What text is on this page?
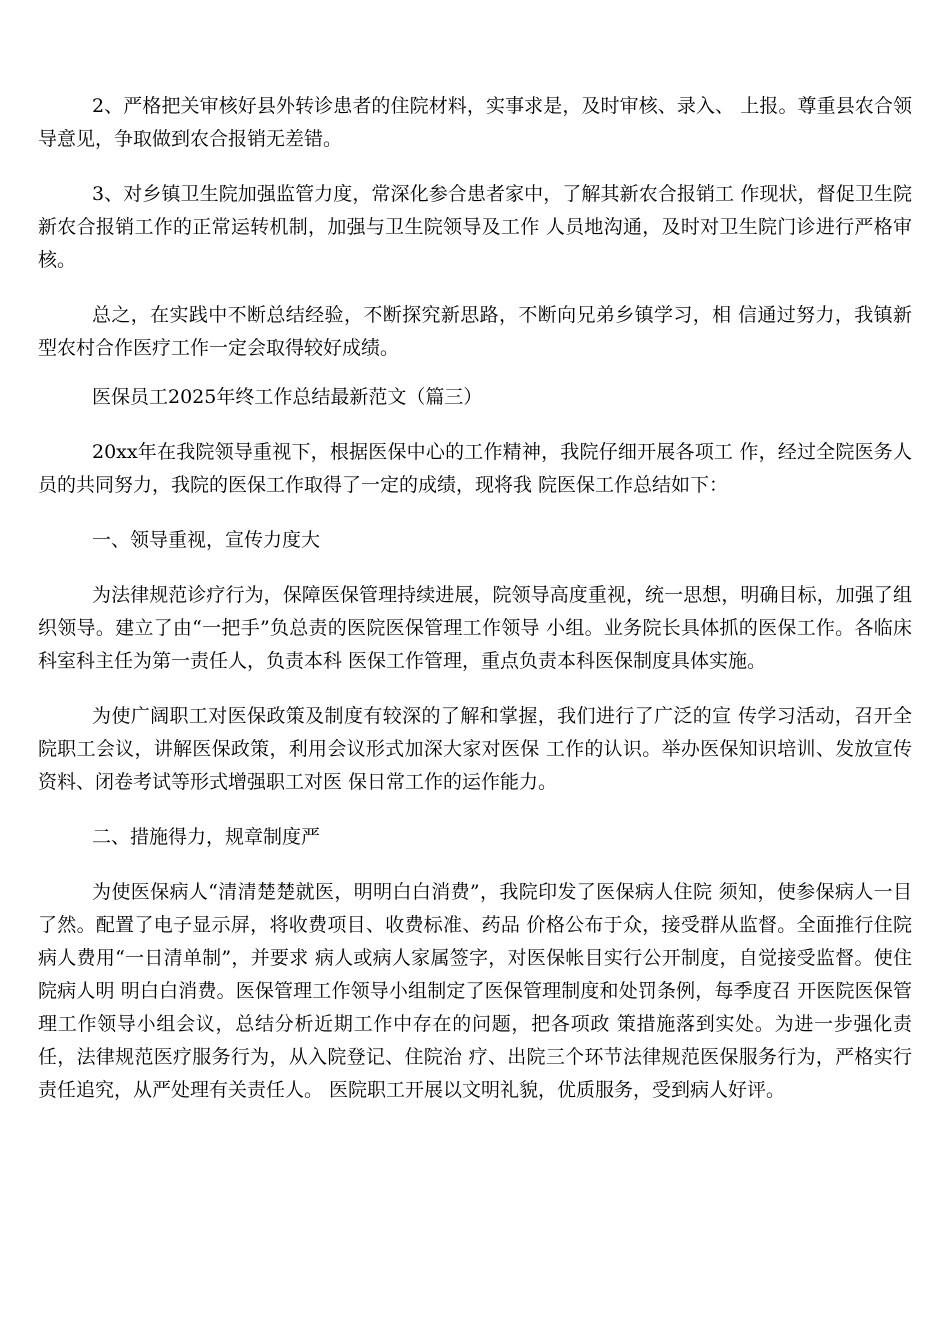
2、严格把关审核好县外转诊患者的住院材料，实事求是，及时审核、录入、 上报。尊重县农合领导意见，争取做到农合报销无差错。

3、对乡镇卫生院加强监管力度，常深化参合患者家中，了解其新农合报销工 作现状，督促卫生院新农合报销工作的正常运转机制，加强与卫生院领导及工作 人员地沟通，及时对卫生院门诊进行严格审核。

总之，在实践中不断总结经验，不断探究新思路，不断向兄弟乡镇学习，相 信通过努力，我镇新型农村合作医疗工作一定会取得较好成绩。

医保员工2025年终工作总结最新范文（篇三）

20xx年在我院领导重视下，根据医保中心的工作精神，我院仔细开展各项工 作，经过全院医务人员的共同努力，我院的医保工作取得了一定的成绩，现将我 院医保工作总结如下：

一、领导重视，宣传力度大

为法律规范诊疗行为，保障医保管理持续进展，院领导高度重视，统一思想，明确目标，加强了组织领导。建立了由“一把手”负总责的医院医保管理工作领导 小组。业务院长具体抓的医保工作。各临床科室科主任为第一责任人，负责本科 医保工作管理，重点负责本科医保制度具体实施。

为使广阔职工对医保政策及制度有较深的了解和掌握，我们进行了广泛的宣 传学习活动，召开全院职工会议，讲解医保政策，利用会议形式加深大家对医保 工作的认识。举办医保知识培训、发放宣传资料、闭卷考试等形式增强职工对医 保日常工作的运作能力。

二、措施得力，规章制度严

为使医保病人“清清楚楚就医，明明白白消费”，我院印发了医保病人住院 须知，使参保病人一目了然。配置了电子显示屏，将收费项目、收费标准、药品 价格公布于众，接受群从监督。全面推行住院病人费用“一日清单制”，并要求 病人或病人家属签字，对医保帐目实行公开制度，自觉接受监督。使住院病人明 明白白消费。医保管理工作领导小组制定了医保管理制度和处罚条例，每季度召 开医院医保管理工作领导小组会议，总结分析近期工作中存在的问题，把各项政 策措施落到实处。为进一步强化责任，法律规范医疗服务行为，从入院登记、住院治 疗、出院三个环节法律规范医保服务行为，严格实行责任追究，从严处理有关责任人。 医院职工开展以文明礼貌，优质服务，受到病人好评。
